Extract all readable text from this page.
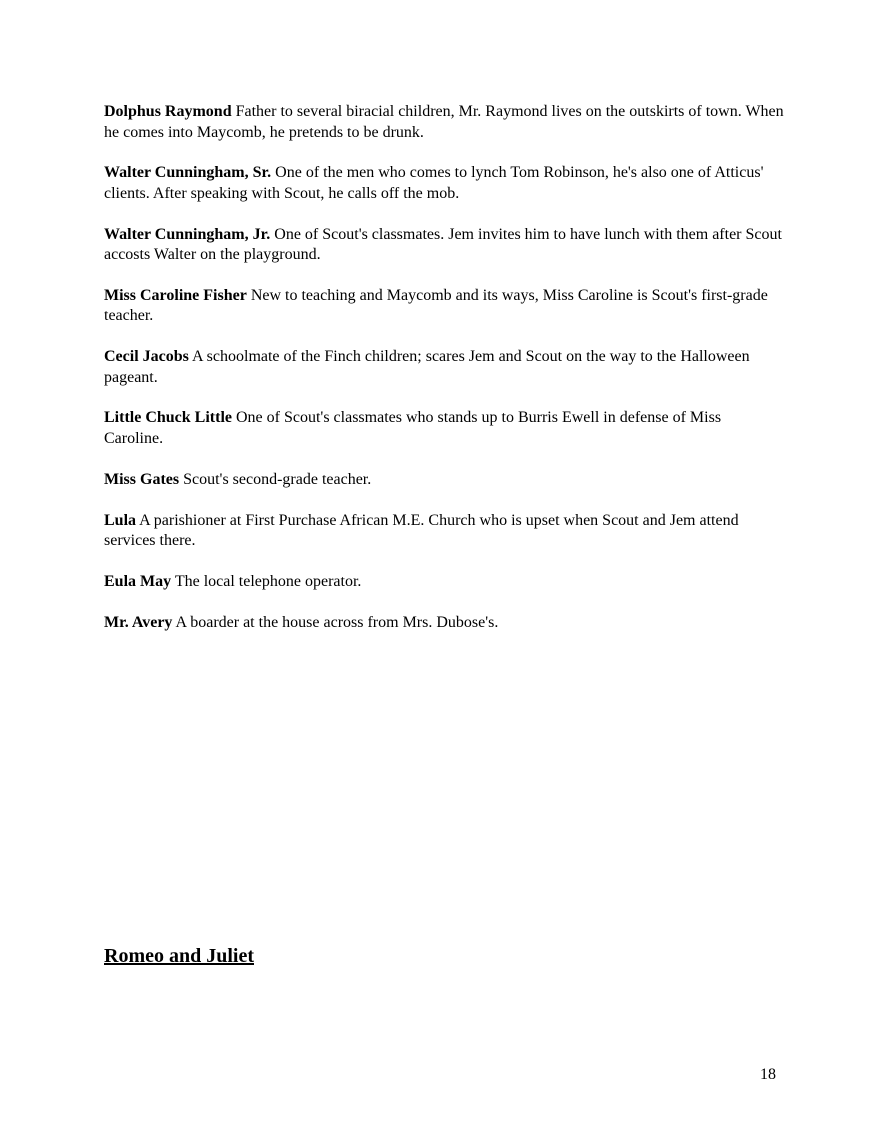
Dolphus Raymond Father to several biracial children, Mr. Raymond lives on the outskirts of town. When he comes into Maycomb, he pretends to be drunk.

Walter Cunningham, Sr. One of the men who comes to lynch Tom Robinson, he's also one of Atticus' clients. After speaking with Scout, he calls off the mob.

Walter Cunningham, Jr. One of Scout's classmates. Jem invites him to have lunch with them after Scout accosts Walter on the playground.

Miss Caroline Fisher New to teaching and Maycomb and its ways, Miss Caroline is Scout's first-grade teacher.

Cecil Jacobs A schoolmate of the Finch children; scares Jem and Scout on the way to the Halloween pageant.

Little Chuck Little One of Scout's classmates who stands up to Burris Ewell in defense of Miss Caroline.

Miss Gates Scout's second-grade teacher.

Lula A parishioner at First Purchase African M.E. Church who is upset when Scout and Jem attend services there.

Eula May The local telephone operator.

Mr. Avery A boarder at the house across from Mrs. Dubose's.

Romeo and Juliet
18
